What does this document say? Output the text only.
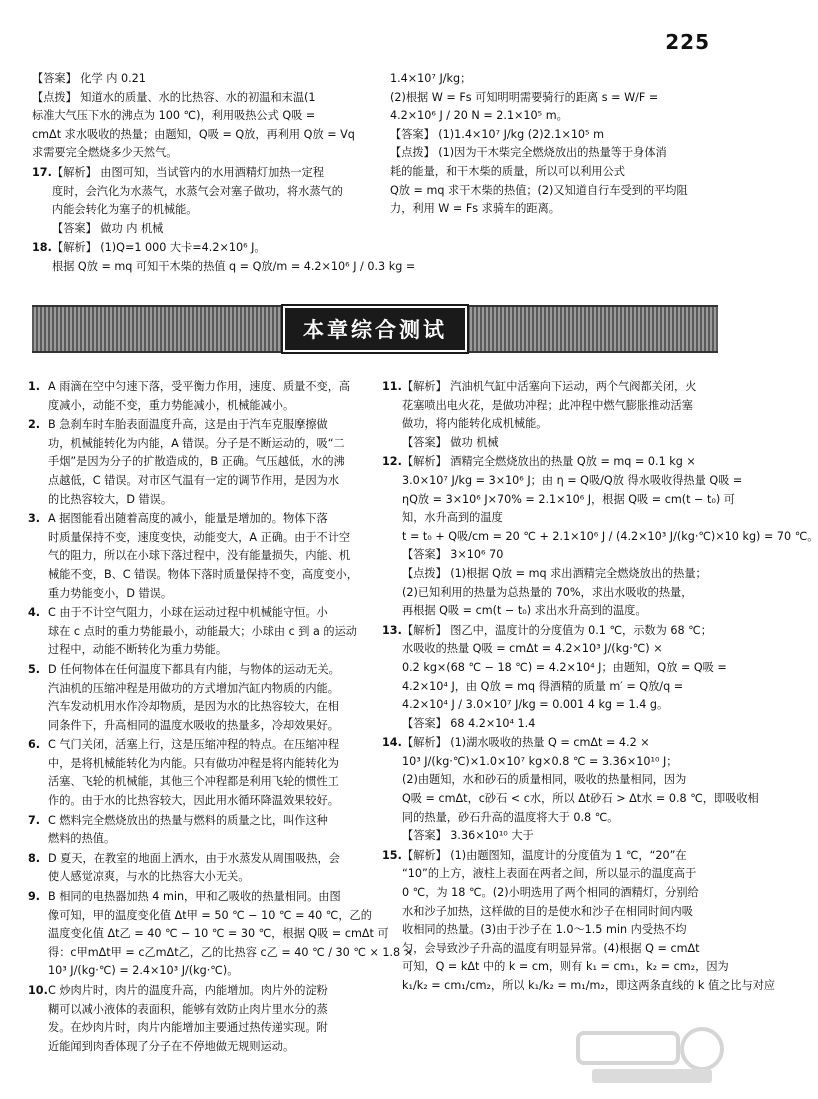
225
【答案】 化学 内 0.21
【点拨】 知道水的质量、水的比热容、水的初温和末温(1
标准大气压下水的沸点为 100 ℃)，利用吸热公式 Q吸 =
cmΔt 求水吸收的热量；由题知，Q吸 = Q放，再利用 Q放 = Vq
求需要完全燃烧多少天然气。
17.【解析】 由图可知，当试管内的水用酒精灯加热一定程
度时，会汽化为水蒸气，水蒸气会对塞子做功，将水蒸气的
内能会转化为塞子的机械能。
【答案】 做功 内 机械
18.【解析】 (1)Q=1 000 大卡=4.2×10⁶ J。
根据 Q放 = mq 可知干木柴的热值 q = Q放/m = 4.2×10⁶ J / 0.3 kg =
1.4×10⁷ J/kg；
(2)根据 W = Fs 可知明明需要骑行的距离 s = W/F =
4.2×10⁶ J / 20 N = 2.1×10⁵ m。
【答案】 (1)1.4×10⁷ J/kg (2)2.1×10⁵ m
【点拨】 (1)因为干木柴完全燃烧放出的热量等于身体消
耗的能量，和干木柴的质量，所以可以利用公式
Q放 = mq 求干木柴的热值；(2)又知道自行车受到的平均阻
力，利用 W = Fs 求骑车的距离。
本章综合测试
1. A 雨滴在空中匀速下落，受平衡力作用，速度、质量不变，高
度减小，动能不变，重力势能减小，机械能减小。
2. B 急刹车时车胎表面温度升高，这是由于汽车克服摩擦做
功，机械能转化为内能，A 错误。分子是不断运动的，吸“二
手烟”是因为分子的扩散造成的，B 正确。气压越低，水的沸
点越低，C 错误。对市区气温有一定的调节作用，是因为水
的比热容较大，D 错误。
3. A 据图能看出随着高度的减小，能量是增加的。物体下落
时质量保持不变，速度变快，动能变大，A 正确。由于不计空
气的阻力，所以在小球下落过程中，没有能量损失，内能、机
械能不变，B、C 错误。物体下落时质量保持不变，高度变小，
重力势能变小，D 错误。
4. C 由于不计空气阻力，小球在运动过程中机械能守恒。小
球在 c 点时的重力势能最小，动能最大；小球由 c 到 a 的运动
过程中，动能不断转化为重力势能。
5. D 任何物体在任何温度下都具有内能，与物体的运动无关。
汽油机的压缩冲程是用做功的方式增加汽缸内物质的内能。
汽车发动机用水作冷却物质，是因为水的比热容较大，在相
同条件下，升高相同的温度水吸收的热量多，冷却效果好。
6. C 气门关闭，活塞上行，这是压缩冲程的特点。在压缩冲程
中，是将机械能转化为内能。只有做功冲程是将内能转化为
活塞、飞轮的机械能，其他三个冲程都是利用飞轮的惯性工
作的。由于水的比热容较大，因此用水循环降温效果较好。
7. C 燃料完全燃烧放出的热量与燃料的质量之比，叫作这种
燃料的热值。
8. D 夏天，在教室的地面上洒水，由于水蒸发从周围吸热，会
使人感觉凉爽，与水的比热容大小无关。
9. B 相同的电热器加热 4 min，甲和乙吸收的热量相同。由图
像可知，甲的温度变化值 Δt甲 = 50 ℃ − 10 ℃ = 40 ℃，乙的
温度变化值 Δt乙 = 40 ℃ − 10 ℃ = 30 ℃，根据 Q吸 = cmΔt 可
得：c甲mΔt甲 = c乙mΔt乙，乙的比热容 c乙 = 40 ℃ / 30 ℃ × 1.8 ×
10³ J/(kg·℃) = 2.4×10³ J/(kg·℃)。
10.C 炒肉片时，肉片的温度升高，内能增加。肉片外的淀粉
糊可以减小液体的表面积，能够有效防止肉片里水分的蒸
发。在炒肉片时，肉片内能增加主要通过热传递实现。附
近能闻到肉香体现了分子在不停地做无规则运动。
11.【解析】 汽油机气缸中活塞向下运动，两个气阀都关闭，火
花塞喷出电火花，是做功冲程；此冲程中燃气膨胀推动活塞
做功，将内能转化成机械能。
【答案】 做功 机械
12.【解析】 酒精完全燃烧放出的热量 Q放 = mq = 0.1 kg ×
3.0×10⁷ J/kg = 3×10⁶ J；由 η = Q吸/Q放 得水吸收得热量 Q吸 =
ηQ放 = 3×10⁶ J×70% = 2.1×10⁶ J，根据 Q吸 = cm(t − t₀) 可
知，水升高到的温度
t = t₀ + Q吸/cm = 20 ℃ + 2.1×10⁶ J / (4.2×10³ J/(kg·℃)×10 kg) = 70 ℃。
【答案】 3×10⁶ 70
【点拨】 (1)根据 Q放 = mq 求出酒精完全燃烧放出的热量；
(2)已知利用的热量为总热量的 70%，求出水吸收的热量，
再根据 Q吸 = cm(t − t₀) 求出水升高到的温度。
13.【解析】 图乙中，温度计的分度值为 0.1 ℃，示数为 68 ℃；
水吸收的热量 Q吸 = cmΔt = 4.2×10³ J/(kg·℃) ×
0.2 kg×(68 ℃ − 18 ℃) = 4.2×10⁴ J；由题知，Q放 = Q吸 =
4.2×10⁴ J，由 Q放 = mq 得酒精的质量 m′ = Q放/q =
4.2×10⁴ J / 3.0×10⁷ J/kg = 0.001 4 kg = 1.4 g。
【答案】 68 4.2×10⁴ 1.4
14.【解析】 (1)湖水吸收的热量 Q = cmΔt = 4.2 ×
10³ J/(kg·℃)×1.0×10⁷ kg×0.8 ℃ = 3.36×10¹⁰ J；
(2)由题知，水和砂石的质量相同，吸收的热量相同，因为
Q吸 = cmΔt，c砂石 < c水，所以 Δt砂石 > Δt水 = 0.8 ℃，即吸收相
同的热量，砂石升高的温度将大于 0.8 ℃。
【答案】 3.36×10¹⁰ 大于
15.【解析】 (1)由题图知，温度计的分度值为 1 ℃，“20”在
“10”的上方，液柱上表面在两者之间，所以显示的温度高于
0 ℃，为 18 ℃。(2)小明选用了两个相同的酒精灯，分别给
水和沙子加热，这样做的目的是使水和沙子在相同时间内吸
收相同的热量。(3)由于沙子在 1.0～1.5 min 内受热不均
匀，会导致沙子升高的温度有明显异常。(4)根据 Q = cmΔt
可知，Q = kΔt 中的 k = cm，则有 k₁ = cm₁，k₂ = cm₂，因为
k₁/k₂ = cm₁/cm₂，所以 k₁/k₂ = m₁/m₂，即这两条直线的 k 值之比与对应
